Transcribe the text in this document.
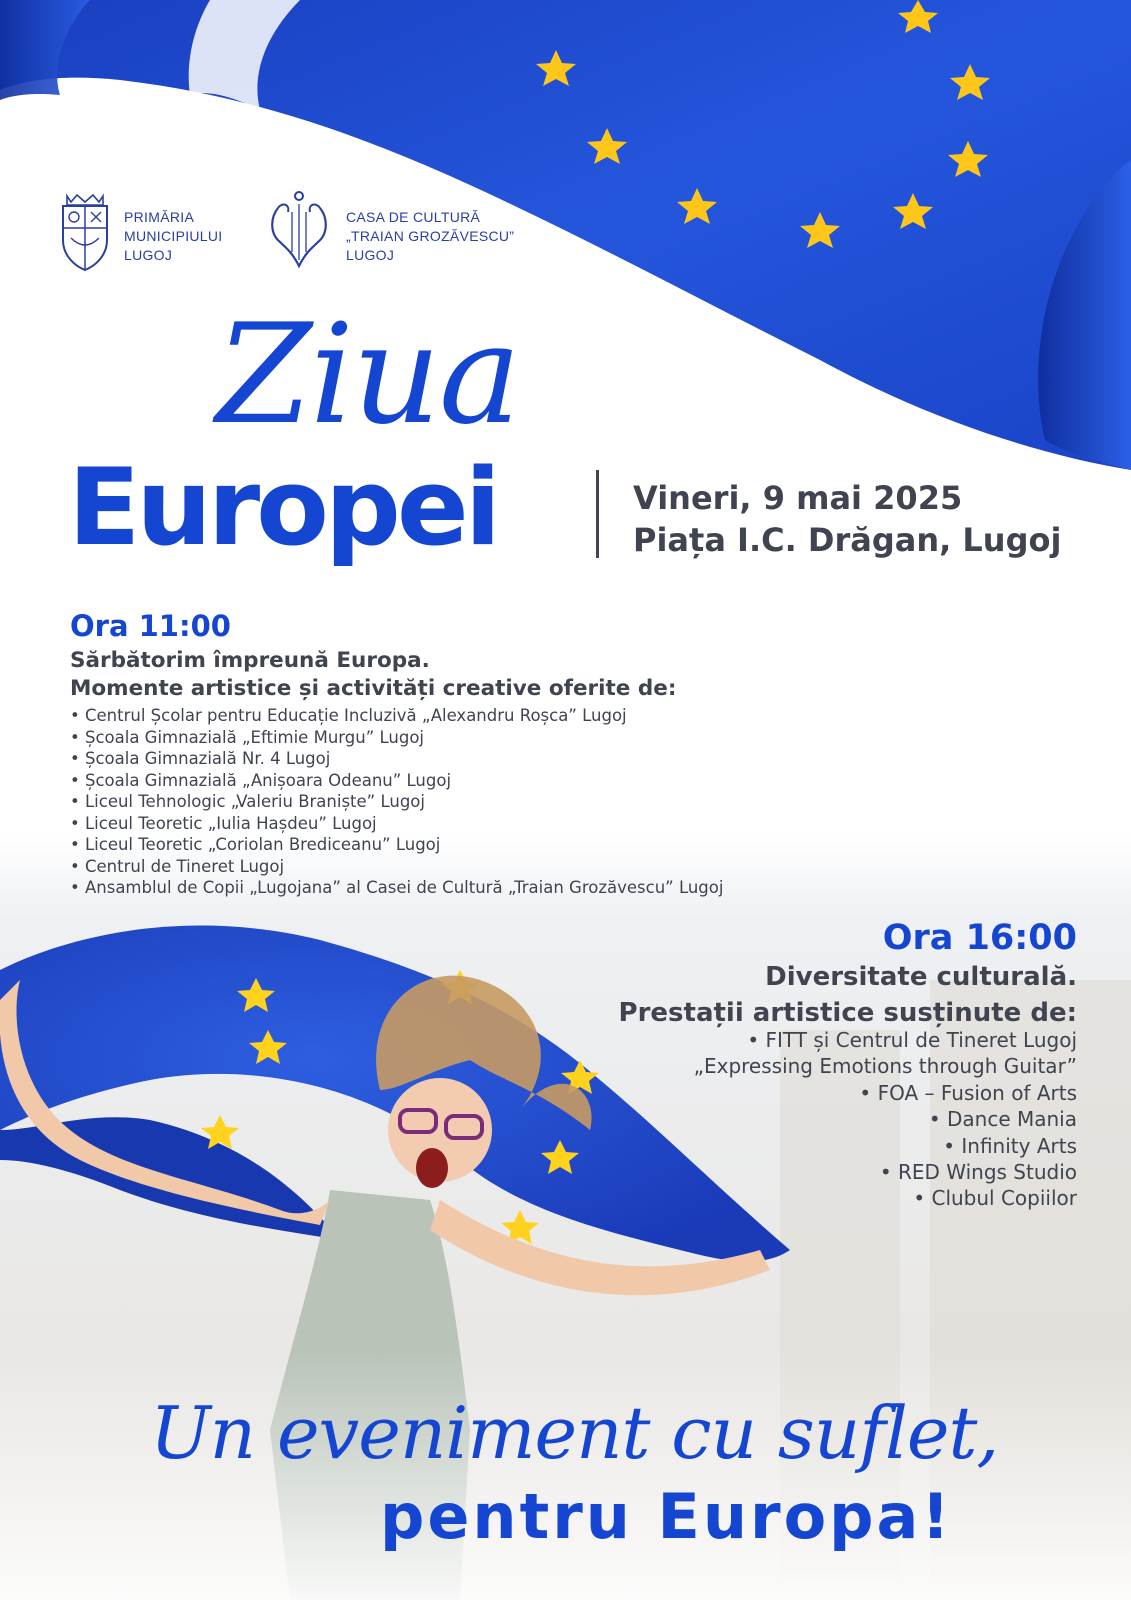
PRIMĂRIA
MUNICIPIULUI
LUGOJ
CASA DE CULTURĂ
„TRAIAN GROZĂVESCU”
LUGOJ
Ziua
Europei	Vineri, 9 mai 2025
Piața I.C. Drăgan, Lugoj
Ora 11:00
Sărbătorim împreună Europa.
Momente artistice și activități creative oferite de:
• Centrul Școlar pentru Educație Incluzivă „Alexandru Roșca” Lugoj
• Școala Gimnazială „Eftimie Murgu” Lugoj
• Școala Gimnazială Nr. 4 Lugoj
• Școala Gimnazială „Anișoara Odeanu” Lugoj
• Liceul Tehnologic „Valeriu Braniște” Lugoj
• Liceul Teoretic „Iulia Hașdeu” Lugoj
• Liceul Teoretic „Coriolan Brediceanu” Lugoj
• Centrul de Tineret Lugoj
• Ansamblul de Copii „Lugojana” al Casei de Cultură „Traian Grozăvescu” Lugoj
Ora 16:00
Diversitate culturală.
Prestații artistice susținute de:
• FITT și Centrul de Tineret Lugoj
„Expressing Emotions through Guitar”
• FOA – Fusion of Arts
• Dance Mania
• Infinity Arts
• RED Wings Studio
• Clubul Copiilor
Un eveniment cu suflet,
pentru Europa!
